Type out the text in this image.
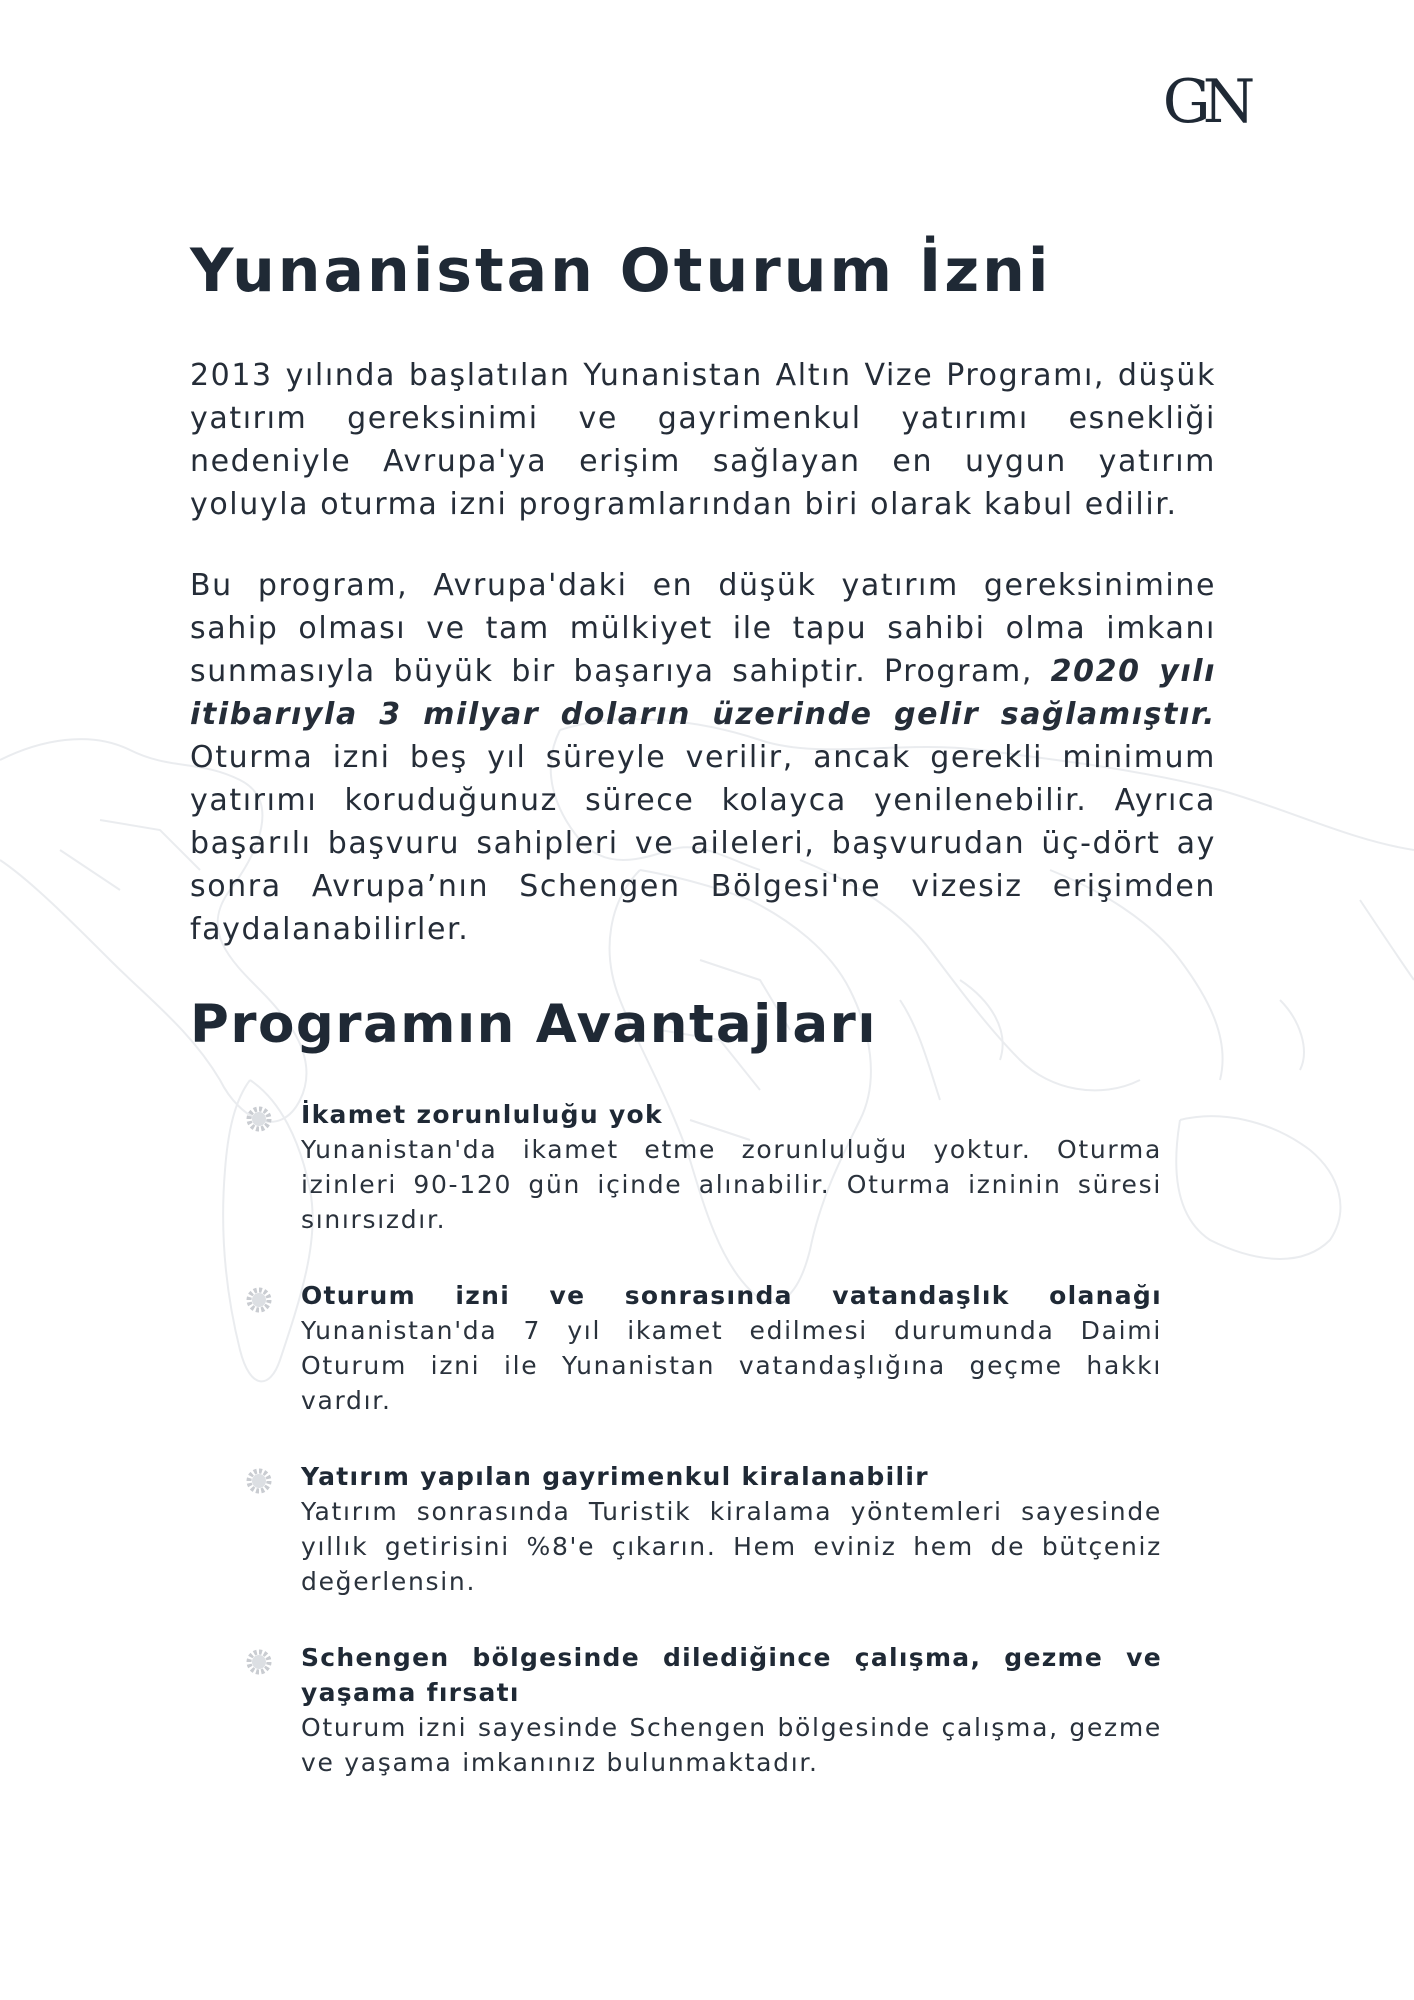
GN
Yunanistan Oturum İzni

2013 yılında başlatılan Yunanistan Altın Vize Programı, düşük yatırım gereksinimi ve gayrimenkul yatırımı esnekliği nedeniyle Avrupa'ya erişim sağlayan en uygun yatırım yoluyla oturma izni programlarından biri olarak kabul edilir.

Bu program, Avrupa'daki en düşük yatırım gereksinimine sahip olması ve tam mülkiyet ile tapu sahibi olma imkanı sunmasıyla büyük bir başarıya sahiptir. Program, 2020 yılı itibarıyla 3 milyar doların üzerinde gelir sağlamıştır. Oturma izni beş yıl süreyle verilir, ancak gerekli minimum yatırımı koruduğunuz sürece kolayca yenilenebilir. Ayrıca başarılı başvuru sahipleri ve aileleri, başvurudan üç-dört ay sonra Avrupa’nın Schengen Bölgesi'ne vizesiz erişimden faydalanabilirler.

Programın Avantajları
İkamet zorunluluğu yok
Yunanistan'da ikamet etme zorunluluğu yoktur. Oturma izinleri 90-120 gün içinde alınabilir. Oturma izninin süresi sınırsızdır.
Oturum izni ve sonrasında vatandaşlık olanağı
Yunanistan'da 7 yıl ikamet edilmesi durumunda Daimi Oturum izni ile Yunanistan vatandaşlığına geçme hakkı vardır.
Yatırım yapılan gayrimenkul kiralanabilir
Yatırım sonrasında Turistik kiralama yöntemleri sayesinde yıllık getirisini %8'e çıkarın. Hem eviniz hem de bütçeniz değerlensin.
Schengen bölgesinde dilediğince çalışma, gezme ve yaşama fırsatı
Oturum izni sayesinde Schengen bölgesinde çalışma, gezme ve yaşama imkanınız bulunmaktadır.
